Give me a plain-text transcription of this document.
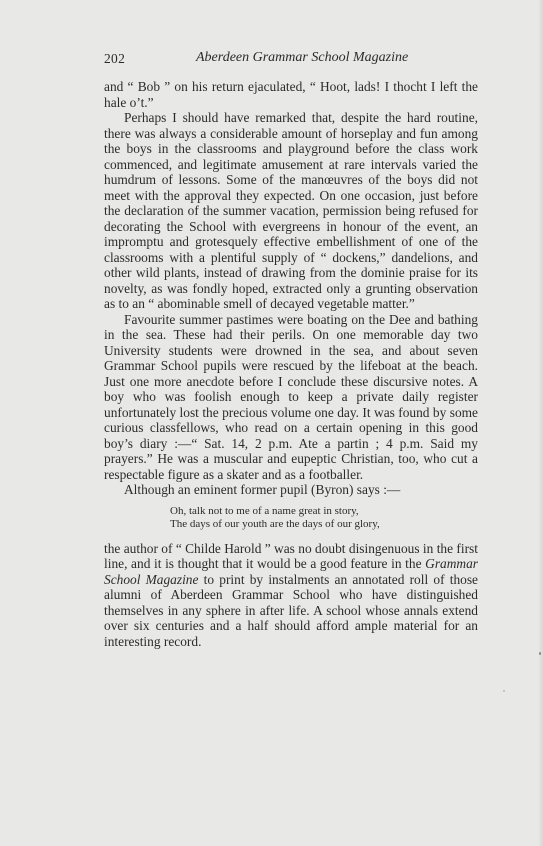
202	Aberdeen Grammar School Magazine

and “ Bob ” on his return ejaculated, “ Hoot, lads! I thocht I left the hale o’t.”

Perhaps I should have remarked that, despite the hard routine, there was always a considerable amount of horseplay and fun among the boys in the classrooms and playground before the class work commenced, and legitimate amusement at rare intervals varied the humdrum of lessons. Some of the manœuvres of the boys did not meet with the approval they expected. On one occasion, just before the declaration of the summer vacation, permission being refused for decorating the School with evergreens in honour of the event, an impromptu and grotesquely effective embellishment of one of the classrooms with a plentiful supply of “ dockens,” dandelions, and other wild plants, instead of drawing from the dominie praise for its novelty, as was fondly hoped, extracted only a grunting observation as to an “ abominable smell of decayed vegetable matter.”

Favourite summer pastimes were boating on the Dee and bathing in the sea. These had their perils. On one memorable day two University students were drowned in the sea, and about seven Grammar School pupils were rescued by the lifeboat at the beach. Just one more anecdote before I conclude these discursive notes. A boy who was foolish enough to keep a private daily register unfortunately lost the precious volume one day. It was found by some curious classfellows, who read on a certain opening in this good boy’s diary :—“ Sat. 14, 2 p.m. Ate a partin ; 4 p.m. Said my prayers.” He was a muscular and eupeptic Christian, too, who cut a respectable figure as a skater and as a footballer.

Although an eminent former pupil (Byron) says :—

Oh, talk not to me of a name great in story,
The days of our youth are the days of our glory,

the author of “ Childe Harold ” was no doubt disingenuous in the first line, and it is thought that it would be a good feature in the Grammar School Magazine to print by instalments an annotated roll of those alumni of Aberdeen Grammar School who have distinguished themselves in any sphere in after life. A school whose annals extend over six centuries and a half should afford ample material for an interesting record.
